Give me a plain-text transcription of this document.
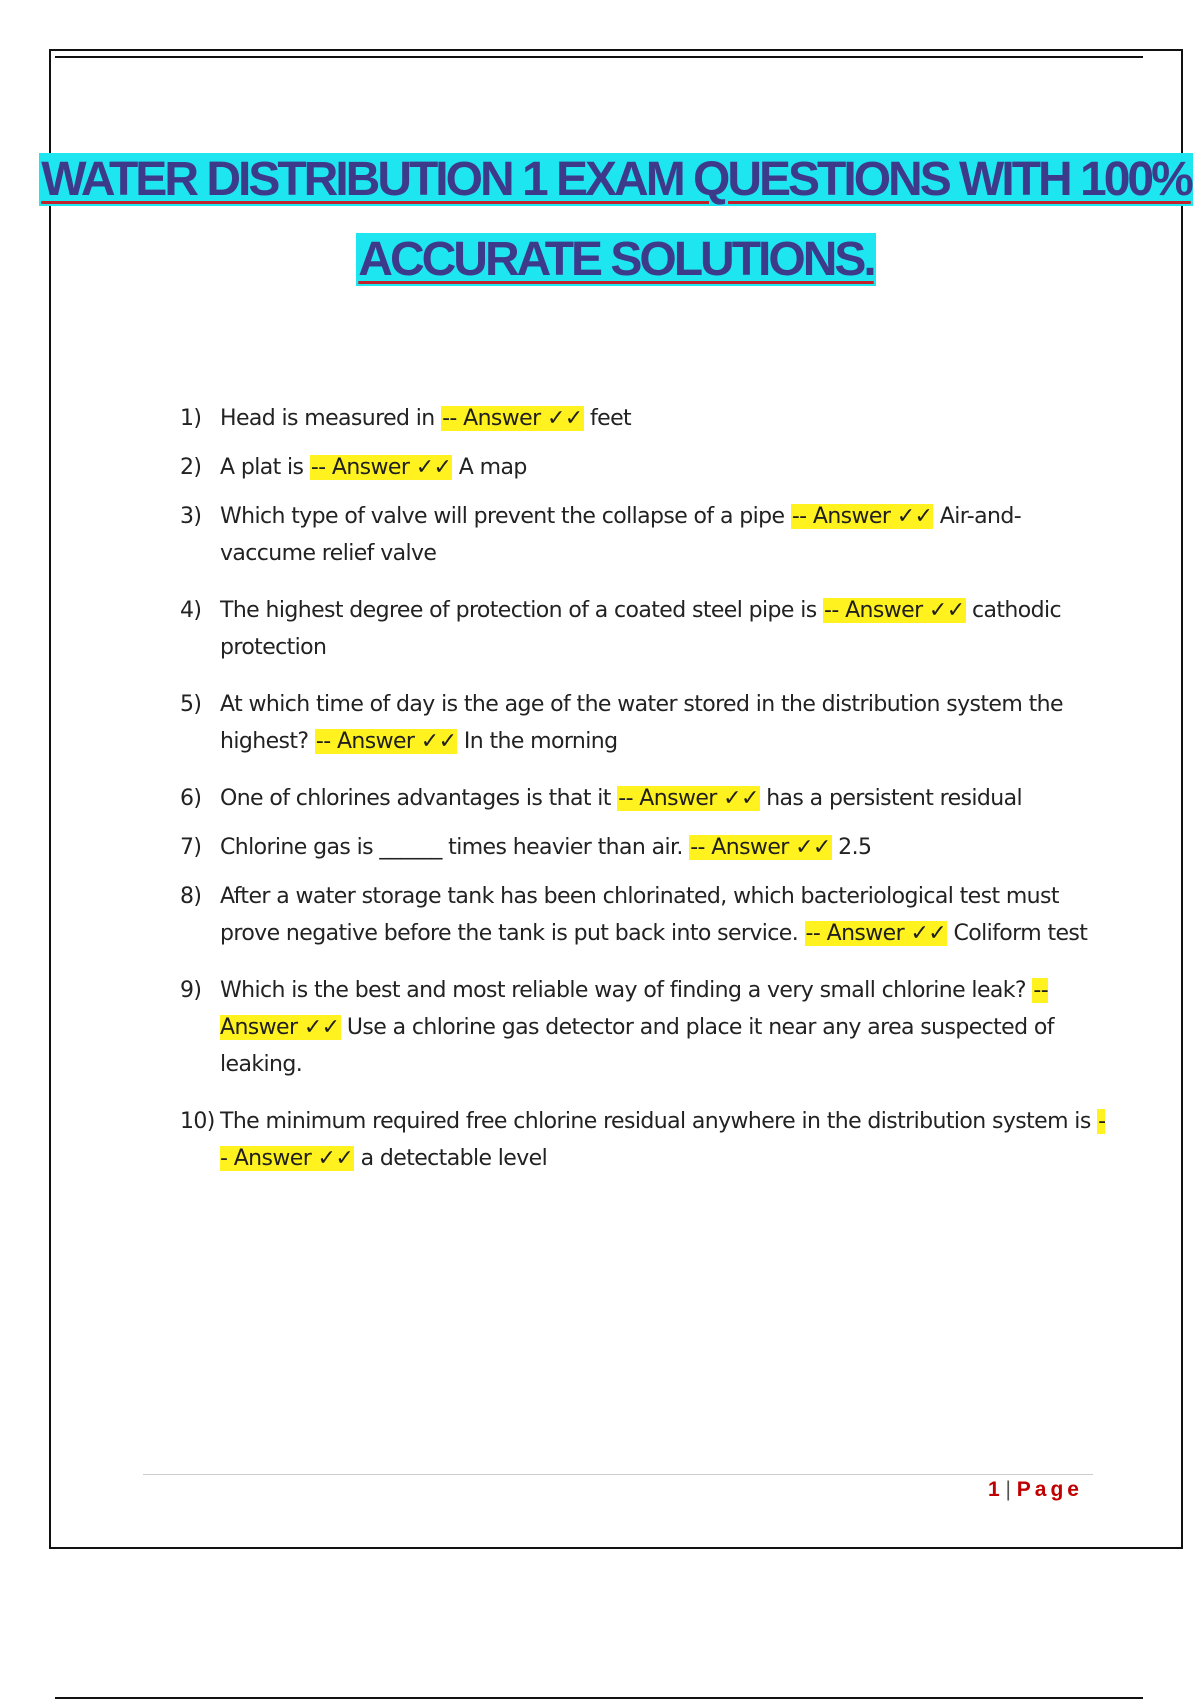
WATER DISTRIBUTION 1 EXAM QUESTIONS WITH 100%
ACCURATE SOLUTIONS.
1) Head is measured in -- Answer ✓✓ feet
2) A plat is -- Answer ✓✓ A map
3) Which type of valve will prevent the collapse of a pipe -- Answer ✓✓ Air-and-vaccume relief valve
4) The highest degree of protection of a coated steel pipe is -- Answer ✓✓ cathodic protection
5) At which time of day is the age of the water stored in the distribution system the highest? -- Answer ✓✓ In the morning
6) One of chlorines advantages is that it -- Answer ✓✓ has a persistent residual
7) Chlorine gas is ______ times heavier than air. -- Answer ✓✓ 2.5
8) After a water storage tank has been chlorinated, which bacteriological test must prove negative before the tank is put back into service. -- Answer ✓✓ Coliform test
9) Which is the best and most reliable way of finding a very small chlorine leak? -- Answer ✓✓ Use a chlorine gas detector and place it near any area suspected of leaking.
10) The minimum required free chlorine residual anywhere in the distribution system is -- Answer ✓✓ a detectable level
1 | Page
